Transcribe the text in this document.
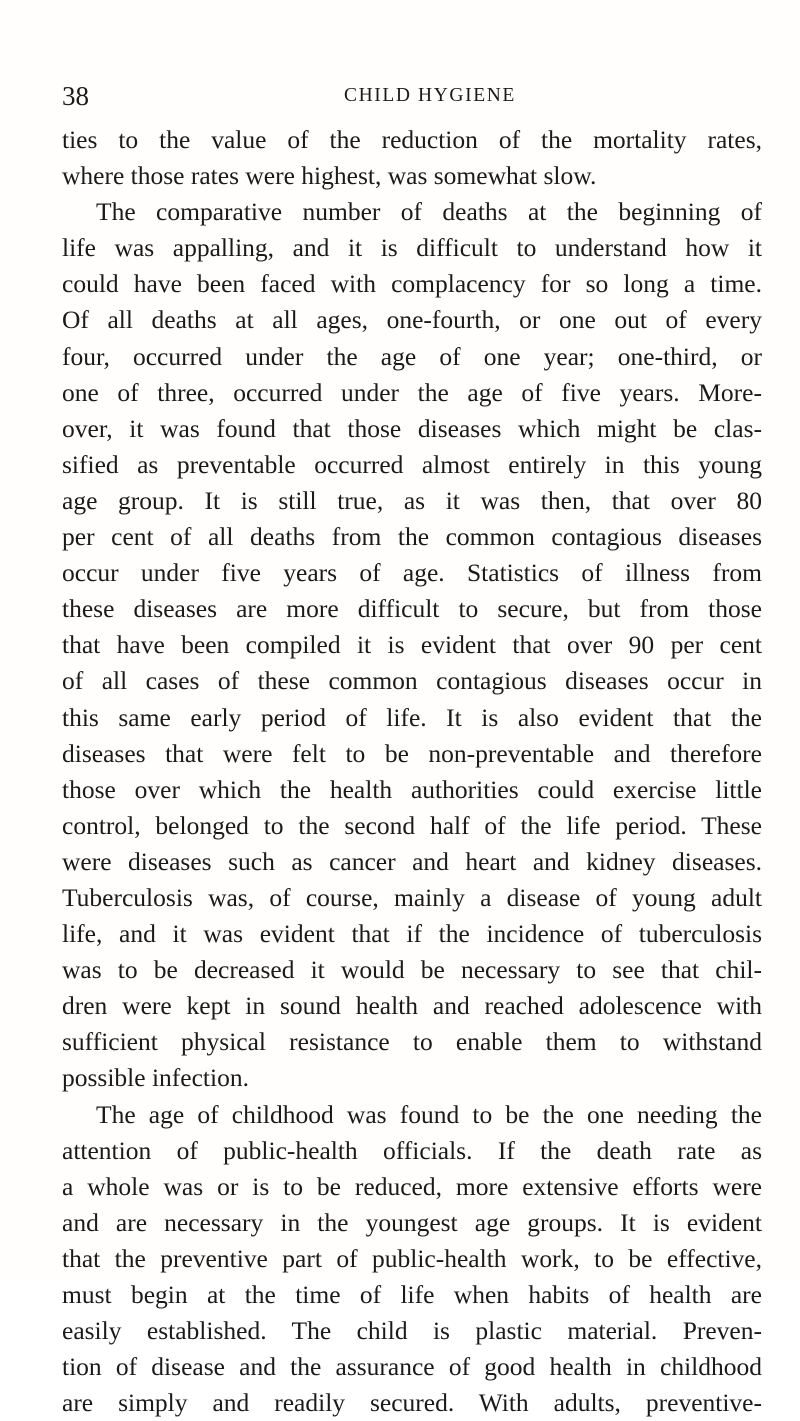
38	CHILD HYGIENE
ties to the value of the reduction of the mortality rates,
where those rates were highest, was somewhat slow.
The comparative number of deaths at the beginning of
life was appalling, and it is difficult to understand how it
could have been faced with complacency for so long a time.
Of all deaths at all ages, one-fourth, or one out of every
four, occurred under the age of one year; one-third, or
one of three, occurred under the age of five years. More-
over, it was found that those diseases which might be clas-
sified as preventable occurred almost entirely in this young
age group. It is still true, as it was then, that over 80
per cent of all deaths from the common contagious diseases
occur under five years of age. Statistics of illness from
these diseases are more difficult to secure, but from those
that have been compiled it is evident that over 90 per cent
of all cases of these common contagious diseases occur in
this same early period of life. It is also evident that the
diseases that were felt to be non-preventable and therefore
those over which the health authorities could exercise little
control, belonged to the second half of the life period. These
were diseases such as cancer and heart and kidney diseases.
Tuberculosis was, of course, mainly a disease of young adult
life, and it was evident that if the incidence of tuberculosis
was to be decreased it would be necessary to see that chil-
dren were kept in sound health and reached adolescence with
sufficient physical resistance to enable them to withstand
possible infection.
The age of childhood was found to be the one needing the
attention of public-health officials. If the death rate as
a whole was or is to be reduced, more extensive efforts were
and are necessary in the youngest age groups. It is evident
that the preventive part of public-health work, to be effective,
must begin at the time of life when habits of health are
easily established. The child is plastic material. Preven-
tion of disease and the assurance of good health in childhood
are simply and readily secured. With adults, preventive-
